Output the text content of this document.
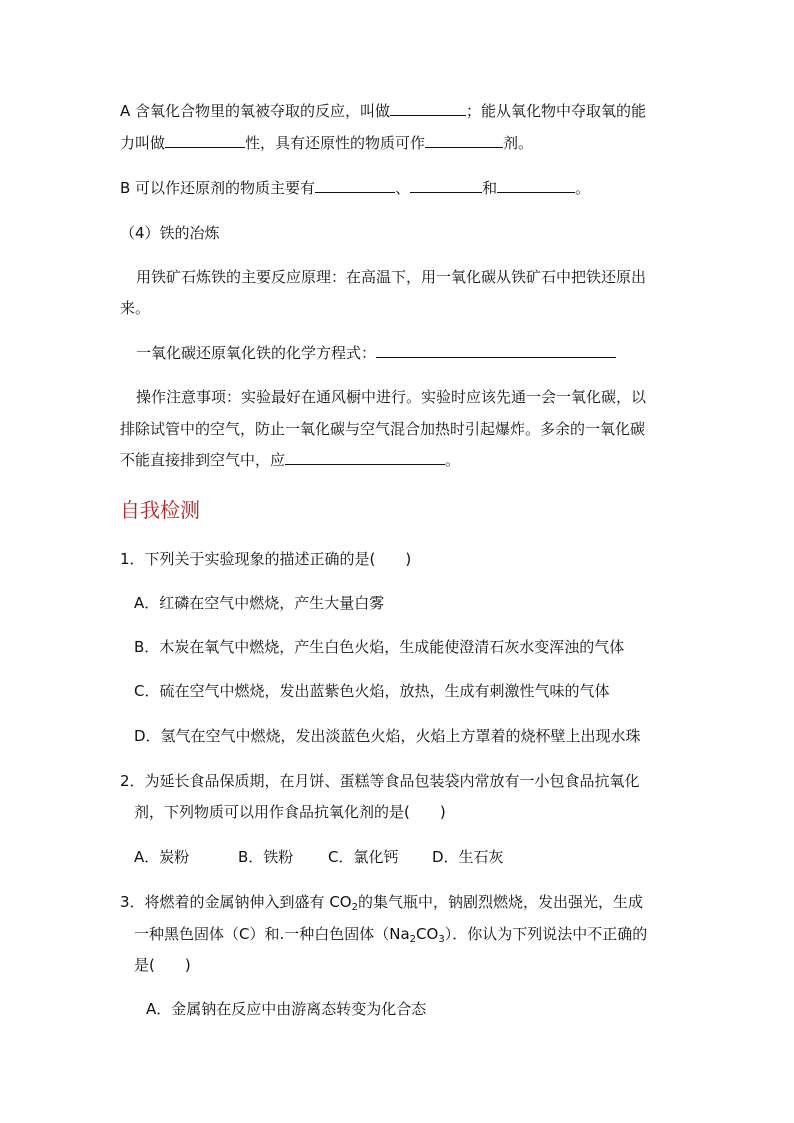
A 含氧化合物里的氧被夺取的反应，叫做	；能从氧化物中夺取氧的能
力叫做	性，具有还原性的物质可作	剂。
B 可以作还原剂的物质主要有	、	和	。
（4）铁的冶炼
用铁矿石炼铁的主要反应原理：在高温下，用一氧化碳从铁矿石中把铁还原出
来。
一氧化碳还原氧化铁的化学方程式：
操作注意事项：实验最好在通风橱中进行。实验时应该先通一会一氧化碳，以
排除试管中的空气，防止一氧化碳与空气混合加热时引起爆炸。多余的一氧化碳
不能直接排到空气中，应	。
自我检测
1．下列关于实验现象的描述正确的是(　　)
A．红磷在空气中燃烧，产生大量白雾
B．木炭在氧气中燃烧，产生白色火焰，生成能使澄清石灰水变浑浊的气体
C．硫在空气中燃烧，发出蓝紫色火焰，放热，生成有刺激性气味的气体
D．氢气在空气中燃烧，发出淡蓝色火焰，火焰上方罩着的烧杯壁上出现水珠
2．为延长食品保质期，在月饼、蛋糕等食品包装袋内常放有一小包食品抗氧化
剂，下列物质可以用作食品抗氧化剂的是(　　)
A．炭粉	B．铁粉 C．氯化钙 D．生石灰
3．将燃着的金属钠伸入到盛有 $CO_2$的集气瓶中，钠剧烈燃烧，发出强光，生成
一种黑色固体（C）和.一种白色固体$(Na_2CO_3)$．你认为下列说法中不正确的
是(　　)
A．金属钠在反应中由游离态转变为化合态
